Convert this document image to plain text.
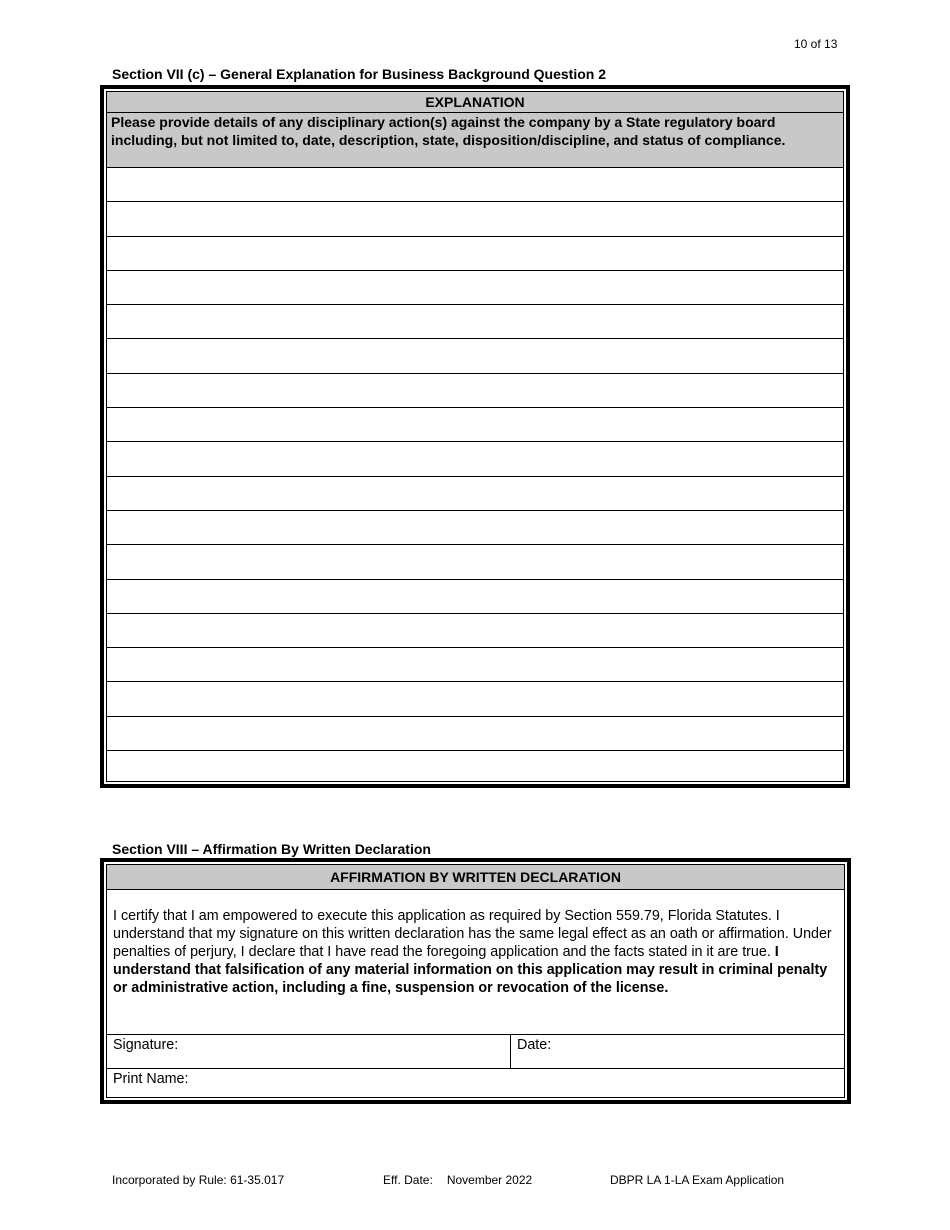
10 of 13
Section VII (c) – General Explanation for Business Background Question 2
EXPLANATION
Please provide details of any disciplinary action(s) against the company by a State regulatory board including, but not limited to, date, description, state, disposition/discipline, and status of compliance.
Section VIII – Affirmation By Written Declaration
AFFIRMATION BY WRITTEN DECLARATION
I certify that I am empowered to execute this application as required by Section 559.79, Florida Statutes. I understand that my signature on this written declaration has the same legal effect as an oath or affirmation. Under penalties of perjury, I declare that I have read the foregoing application and the facts stated in it are true. I understand that falsification of any material information on this application may result in criminal penalty or administrative action, including a fine, suspension or revocation of the license.
Signature:	Date:
Print Name:
Incorporated by Rule: 61-35.017	Eff. Date: November 2022	DBPR LA 1-LA Exam Application
